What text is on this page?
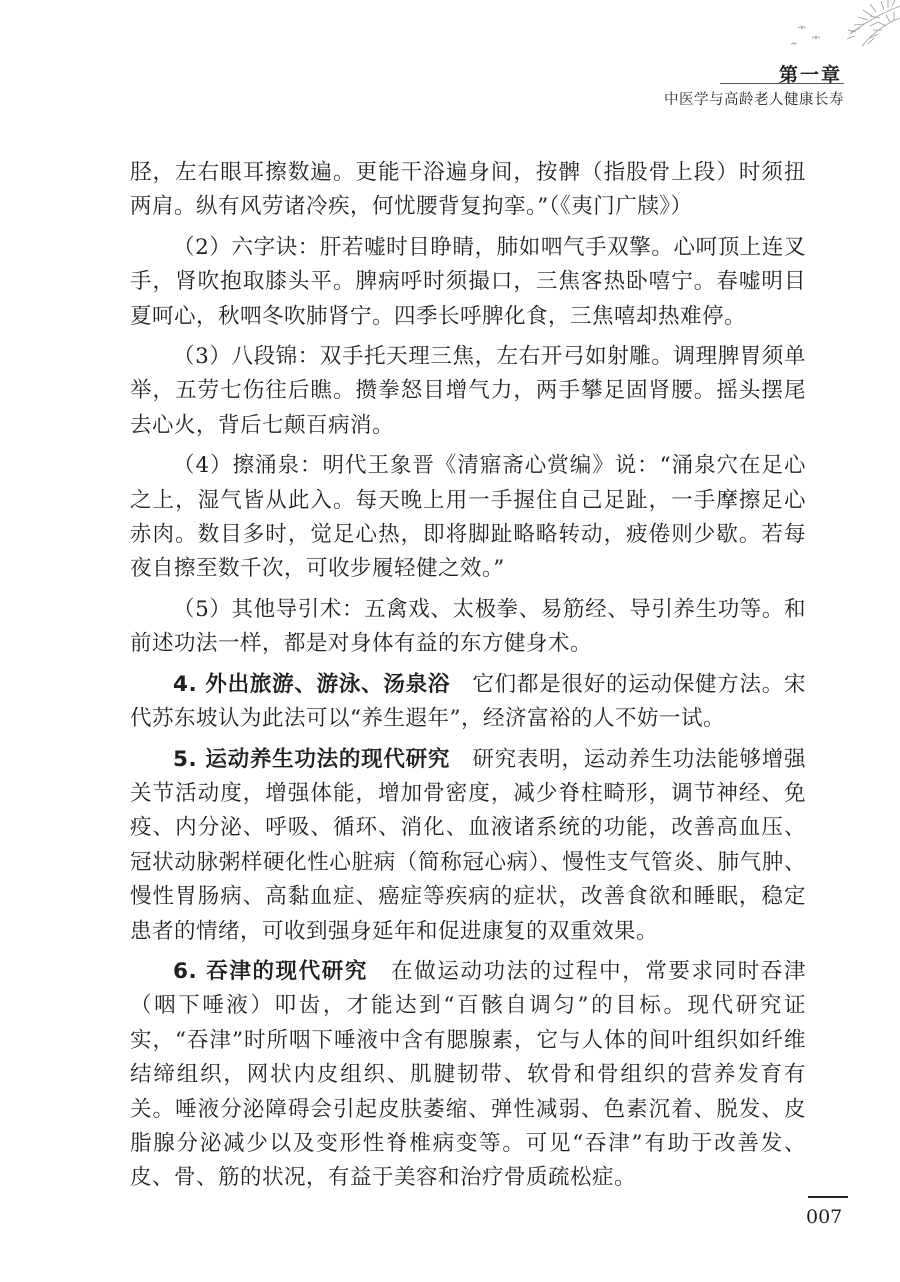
第一章
中医学与高龄老人健康长寿

胫，左右眼耳擦数遍。更能干浴遍身间，按髀（指股骨上段）时须扭两肩。纵有风劳诸冷疾，何忧腰背复拘挛。”（《夷门广牍》）

（2）六字诀：肝若嘘时目睁睛，肺如呬气手双擎。心呵顶上连叉手，肾吹抱取膝头平。脾病呼时须撮口，三焦客热卧嘻宁。春嘘明目夏呵心，秋呬冬吹肺肾宁。四季长呼脾化食，三焦嘻却热难停。

（3）八段锦：双手托天理三焦，左右开弓如射雕。调理脾胃须单举，五劳七伤往后瞧。攒拳怒目增气力，两手攀足固肾腰。摇头摆尾去心火，背后七颠百病消。

（4）擦涌泉：明代王象晋《清寤斋心赏编》说：“涌泉穴在足心之上，湿气皆从此入。每天晚上用一手握住自己足趾，一手摩擦足心赤肉。数目多时，觉足心热，即将脚趾略略转动，疲倦则少歇。若每夜自擦至数千次，可收步履轻健之效。”

（5）其他导引术：五禽戏、太极拳、易筋经、导引养生功等。和前述功法一样，都是对身体有益的东方健身术。

4. 外出旅游、游泳、汤泉浴  它们都是很好的运动保健方法。宋代苏东坡认为此法可以“养生遐年”，经济富裕的人不妨一试。

5. 运动养生功法的现代研究  研究表明，运动养生功法能够增强关节活动度，增强体能，增加骨密度，减少脊柱畸形，调节神经、免疫、内分泌、呼吸、循环、消化、血液诸系统的功能，改善高血压、冠状动脉粥样硬化性心脏病（简称冠心病）、慢性支气管炎、肺气肿、慢性胃肠病、高黏血症、癌症等疾病的症状，改善食欲和睡眠，稳定患者的情绪，可收到强身延年和促进康复的双重效果。

6. 吞津的现代研究  在做运动功法的过程中，常要求同时吞津（咽下唾液）叩齿，才能达到“百骸自调匀”的目标。现代研究证实，“吞津”时所咽下唾液中含有腮腺素，它与人体的间叶组织如纤维结缔组织，网状内皮组织、肌腱韧带、软骨和骨组织的营养发育有关。唾液分泌障碍会引起皮肤萎缩、弹性减弱、色素沉着、脱发、皮脂腺分泌减少以及变形性脊椎病变等。可见“吞津”有助于改善发、皮、骨、筋的状况，有益于美容和治疗骨质疏松症。

007
